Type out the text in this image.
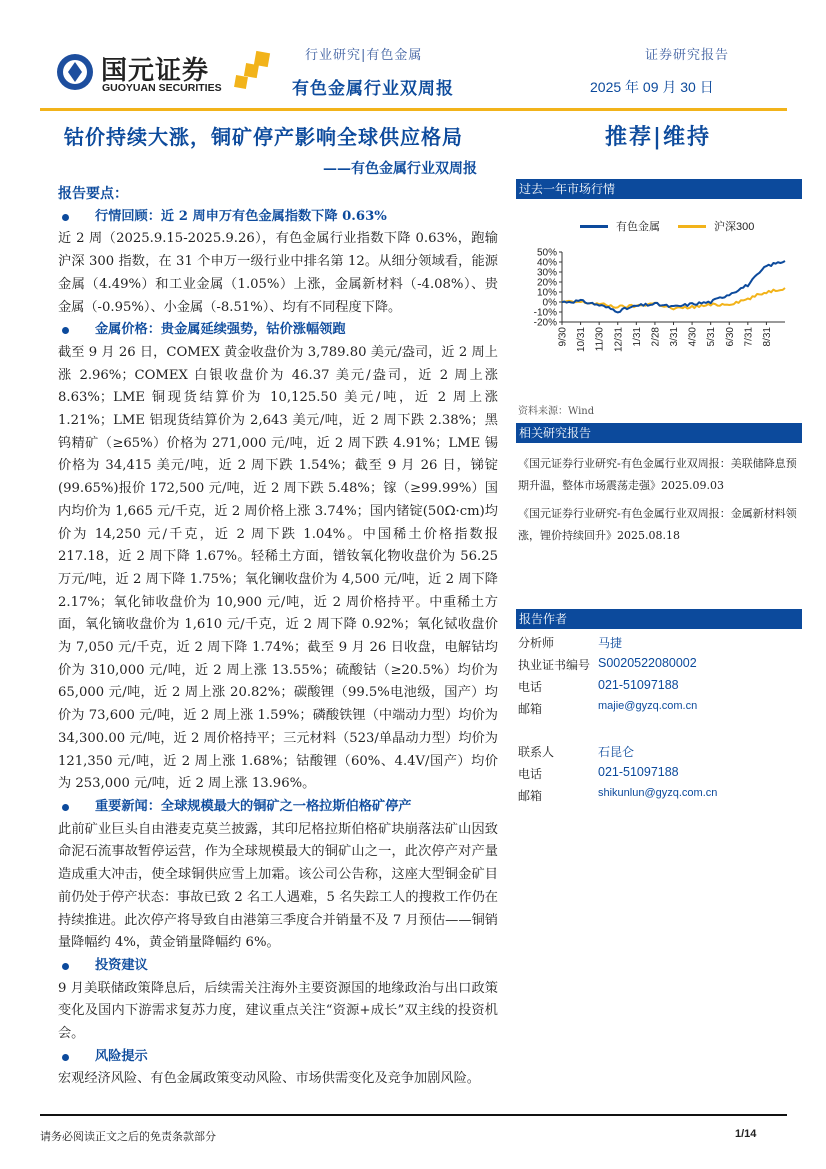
国元证券
GUOYUAN SECURITIES
行业研究|有色金属	证券研究报告
有色金属行业双周报	2025 年 09 月 30 日
钴价持续大涨，铜矿停产影响全球供应格局
——有色金属行业双周报
推荐|维持
报告要点：
行情回顾：近 2 周申万有色金属指数下降 0.63%
近 2 周（2025.9.15-2025.9.26），有色金属行业指数下降 0.63%，跑输沪深 300 指数，在 31 个申万一级行业中排名第 12。从细分领域看，能源金属（4.49%）和工业金属（1.05%）上涨，金属新材料（-4.08%）、贵金属（-0.95%）、小金属（-8.51%）、均有不同程度下降。
金属价格：贵金属延续强势，钴价涨幅领跑
截至 9 月 26 日，COMEX 黄金收盘价为 3,789.80 美元/盎司，近 2 周上涨 2.96%；COMEX 白银收盘价为 46.37 美元/盎司，近 2 周上涨 8.63%；LME 铜现货结算价为 10,125.50 美元/吨，近 2 周上涨 1.21%；LME 铝现货结算价为 2,643 美元/吨，近 2 周下跌 2.38%；黑钨精矿（≥65%）价格为 271,000 元/吨，近 2 周下跌 4.91%；LME 锡价格为 34,415 美元/吨，近 2 周下跌 1.54%；截至 9 月 26 日，锑锭(99.65%)报价 172,500 元/吨，近 2 周下跌 5.48%；镓（≥99.99%）国内均价为 1,665 元/千克，近 2 周价格上涨 3.74%；国内锗锭(50Ω·cm)均价为 14,250 元/千克，近 2 周下跌 1.04%。中国稀土价格指数报 217.18，近 2 周下降 1.67%。轻稀土方面，镨钕氧化物收盘价为 56.25 万元/吨，近 2 周下降 1.75%；氧化镧收盘价为 4,500 元/吨，近 2 周下降 2.17%；氧化铈收盘价为 10,900 元/吨，近 2 周价格持平。中重稀土方面，氧化镝收盘价为 1,610 元/千克，近 2 周下降 0.92%；氧化铽收盘价为 7,050 元/千克，近 2 周下降 1.74%；截至 9 月 26 日收盘，电解钴均价为 310,000 元/吨，近 2 周上涨 13.55%；硫酸钴（≥20.5%）均价为 65,000 元/吨，近 2 周上涨 20.82%；碳酸锂（99.5%电池级，国产）均价为 73,600 元/吨，近 2 周上涨 1.59%；磷酸铁锂（中端动力型）均价为 34,300.00 元/吨，近 2 周价格持平；三元材料（523/单晶动力型）均价为 121,350 元/吨，近 2 周上涨 1.68%；钴酸锂（60%、4.4V/国产）均价为 253,000 元/吨，近 2 周上涨 13.96%。
重要新闻：全球规模最大的铜矿之一格拉斯伯格矿停产
此前矿业巨头自由港麦克莫兰披露，其印尼格拉斯伯格矿块崩落法矿山因致命泥石流事故暂停运营，作为全球规模最大的铜矿山之一，此次停产对产量造成重大冲击，使全球铜供应雪上加霜。该公司公告称，这座大型铜金矿目前仍处于停产状态：事故已致 2 名工人遇难，5 名失踪工人的搜救工作仍在持续推进。此次停产将导致自由港第三季度合并销量不及 7 月预估——铜销量降幅约 4%，黄金销量降幅约 6%。
投资建议
9 月美联储政策降息后，后续需关注海外主要资源国的地缘政治与出口政策变化及国内下游需求复苏力度，建议重点关注“资源+成长”双主线的投资机会。
风险提示
宏观经济风险、有色金属政策变动风险、市场供需变化及竞争加剧风险。
过去一年市场行情
有色金属	沪深300
50%
40%
30%
20%
10%
0%
-10%
-20%
9/30 10/31 11/30 12/31 1/31 2/28 3/31 4/30 5/31 6/30 7/31 8/31
资料来源：Wind
相关研究报告
《国元证券行业研究-有色金属行业双周报：美联储降息预期升温，整体市场震荡走强》2025.09.03
《国元证券行业研究-有色金属行业双周报：金属新材料领涨，锂价持续回升》2025.08.18
报告作者
分析师	马捷
执业证书编号 S0020522080002
电话	021-51097188
邮箱	majie@gyzq.com.cn
联系人	石昆仑
电话	021-51097188
邮箱	shikunlun@gyzq.com.cn
请务必阅读正文之后的免责条款部分	1/14
